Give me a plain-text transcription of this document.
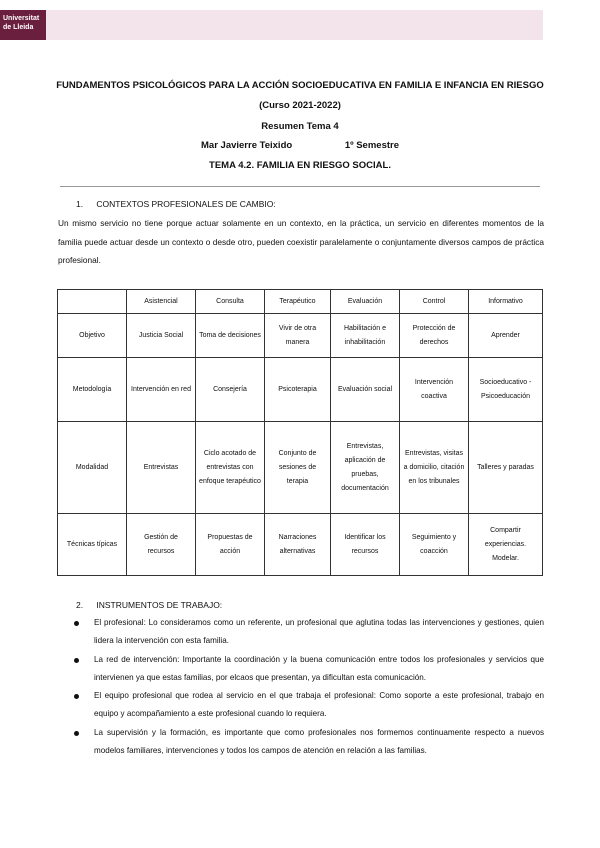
Universitat
de Lleida
FUNDAMENTOS PSICOLÓGICOS PARA LA ACCIÓN SOCIOEDUCATIVA EN FAMILIA E INFANCIA EN RIESGO
(Curso 2021-2022)
Resumen Tema 4
Mar Javierre Teixido	1º Semestre
TEMA 4.2. FAMILIA EN RIESGO SOCIAL.
1. CONTEXTOS PROFESIONALES DE CAMBIO:
Un mismo servicio no tiene porque actuar solamente en un contexto, en la práctica, un servicio en diferentes momentos de la familia puede actuar desde un contexto o desde otro, pueden coexistir paralelamente o conjuntamente diversos campos de práctica profesional.
	Asistencial	Consulta	Terapéutico	Evaluación	Control	Informativo
Objetivo	Justicia Social	Toma de decisiones	Vivir de otra manera	Habilitación e inhabilitación	Protección de derechos	Aprender
Metodología	Intervención en red	Consejería	Psicoterapia	Evaluación social	Intervención coactiva	Socioeducativo - Psicoeducación
Modalidad	Entrevistas	Ciclo acotado de entrevistas con enfoque terapéutico	Conjunto de sesiones de terapia	Entrevistas, aplicación de pruebas, documentación	Entrevistas, visitas a domicilio, citación en los tribunales	Talleres y paradas
Técnicas típicas	Gestión de recursos	Propuestas de acción	Narraciones alternativas	Identificar los recursos	Seguimiento y coacción	Compartir experiencias. Modelar.
2. INSTRUMENTOS DE TRABAJO:
El profesional: Lo consideramos como un referente, un profesional que aglutina todas las intervenciones y gestiones, quien lidera la intervención con esta familia.
La red de intervención: Importante la coordinación y la buena comunicación entre todos los profesionales y servicios que intervienen ya que estas familias, por elcaos que presentan, ya dificultan esta comunicación.
El equipo profesional que rodea al servicio en el que trabaja el profesional: Como soporte a este profesional, trabajo en equipo y acompañamiento a este profesional cuando lo requiera.
La supervisión y la formación, es importante que como profesionales nos formemos continuamente respecto a nuevos modelos familiares, intervenciones y todos los campos de atención en relación a las familias.
